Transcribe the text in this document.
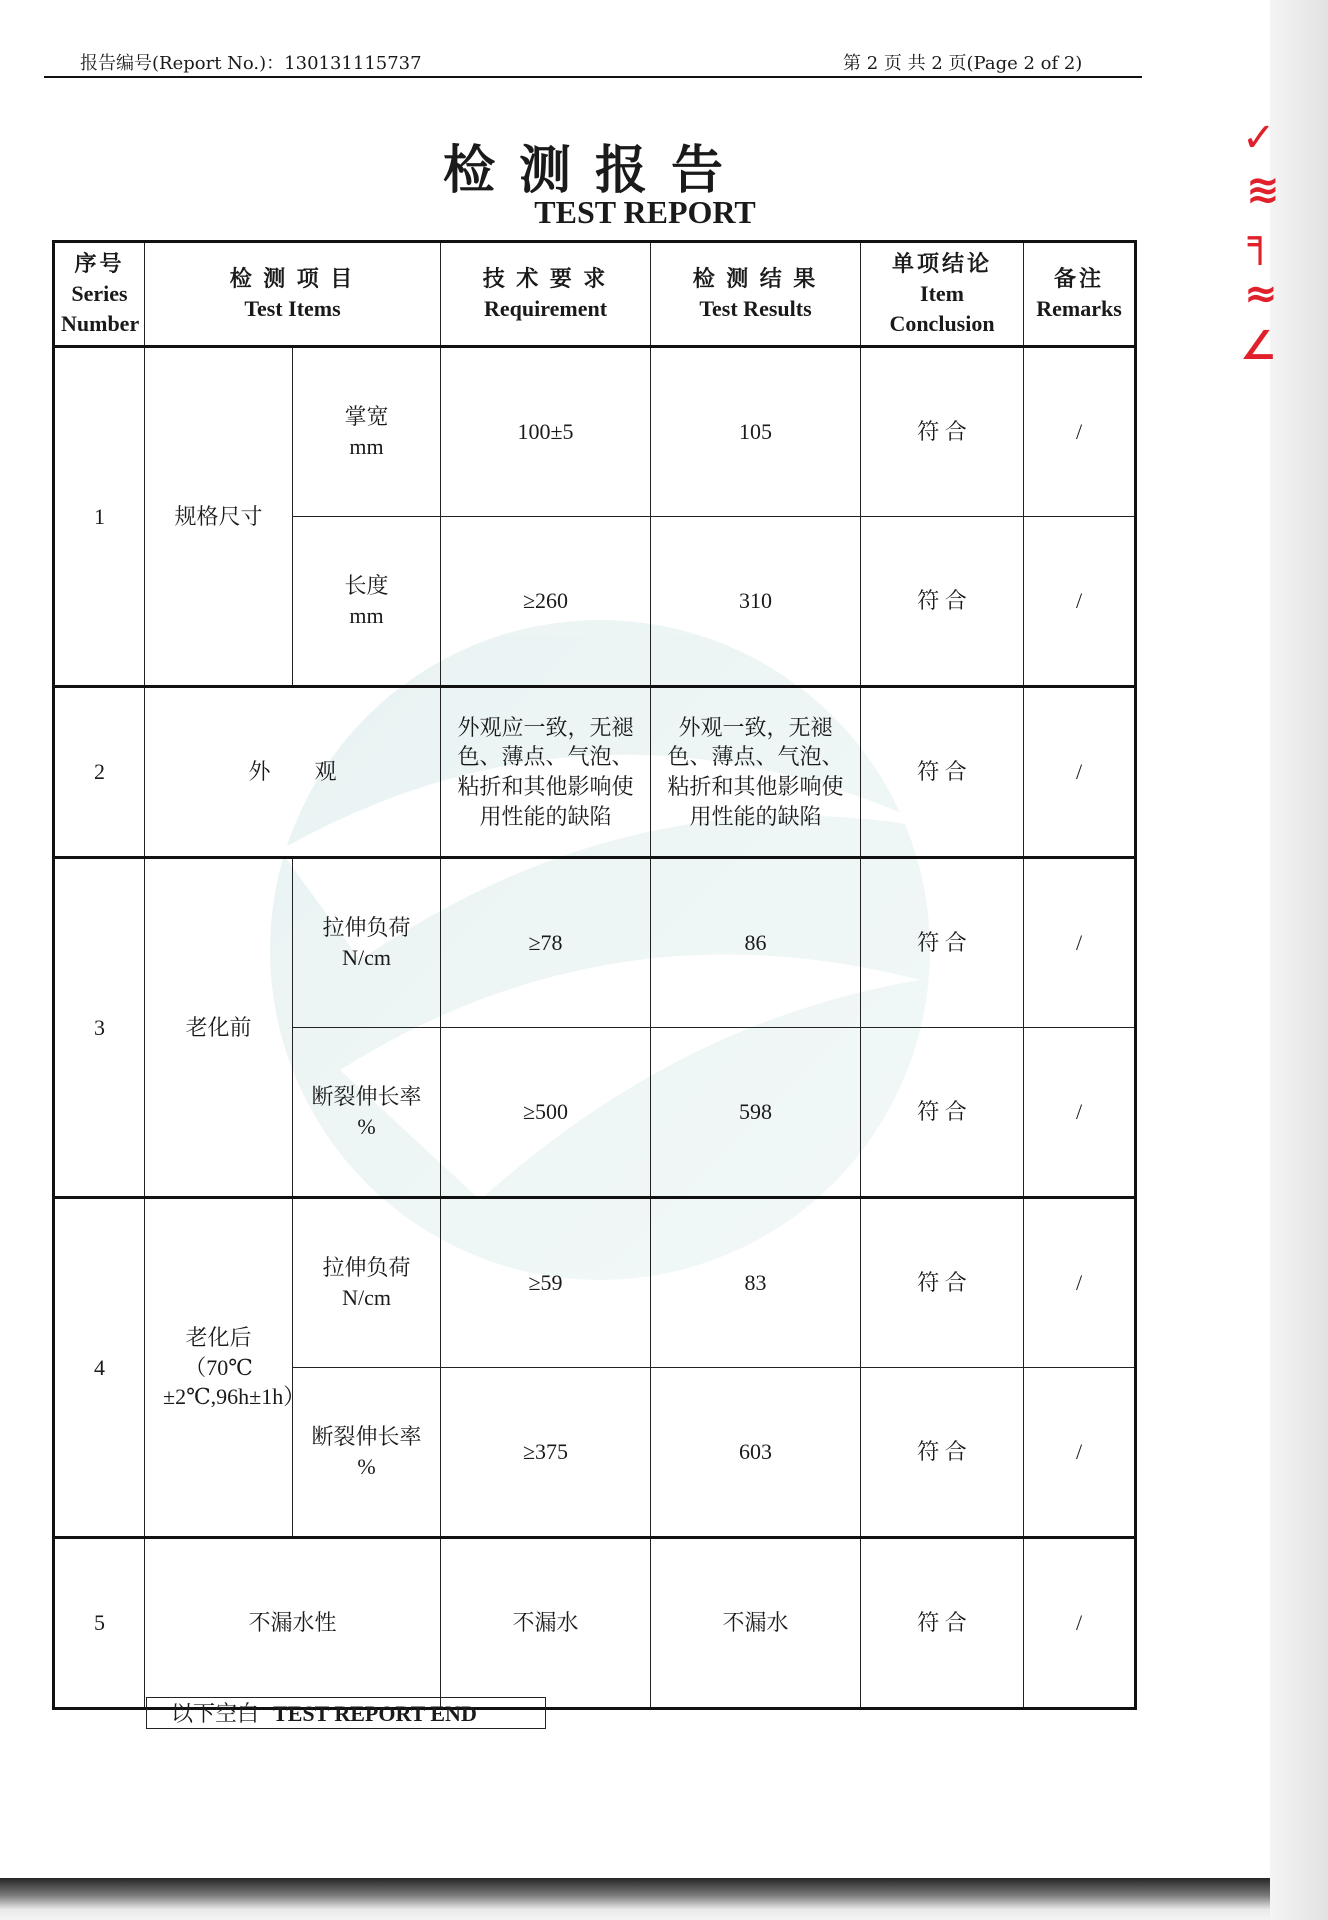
✓
≋
╕
≈
∠
报告编号(Report No.)：130131115737	第 2 页 共 2 页(Page 2 of 2)
检测报告
TEST REPORT
序号
Series
Number	检 测 项 目
Test Items		技 术 要 求
Requirement	检 测 结 果
Test Results	单项结论
Item
Conclusion	备注
Remarks

1	规格尺寸	掌宽
mm	100±5	105	符 合	/

		长度
mm	≥260	310	符 合	/
2	外　　观		外观应一致，无褪色、薄点、气泡、粘折和其他影响使用性能的缺陷	外观一致，无褪色、薄点、气泡、粘折和其他影响使用性能的缺陷	符 合	/
3	老化前	拉伸负荷
N/cm	≥78	86	符 合	/

		断裂伸长率
%	≥500	598	符 合	/
4	老化后（70℃±2℃,96h±1h）	拉伸负荷
N/cm	≥59	83	符 合	/

		断裂伸长率
%	≥375	603	符 合	/
5	不漏水性		不漏水	不漏水	符 合	/
以下空白 TEST REPORT END
